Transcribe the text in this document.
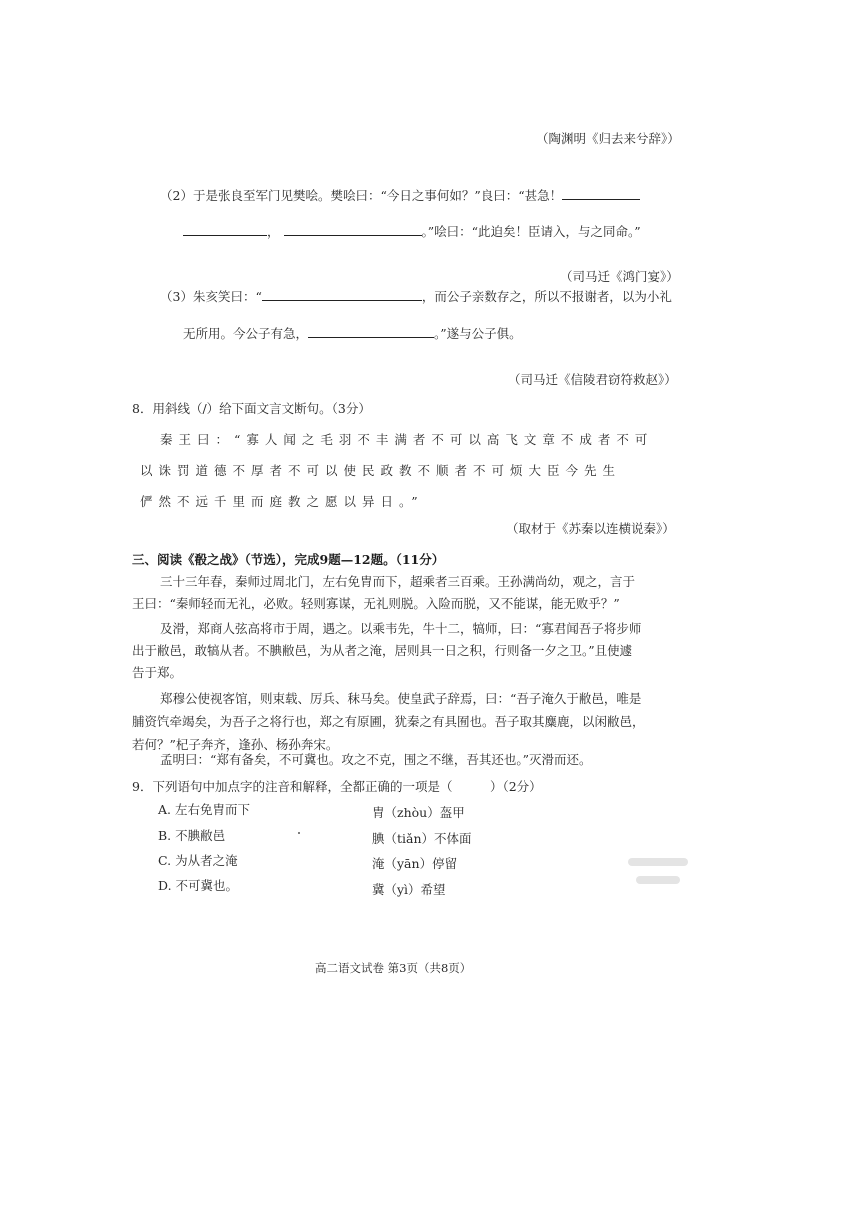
（陶渊明《归去来兮辞》）
（2）于是张良至军门见樊哙。樊哙曰：“今日之事何如？”良曰：“甚急！
，	。”哙曰：“此迫矣！臣请入，与之同命。”
（司马迁《鸿门宴》）
（3）朱亥笑曰：“	，而公子亲数存之，所以不报谢者，以为小礼
无所用。今公子有急，	。”遂与公子俱。
（司马迁《信陵君窃符救赵》）
8．用斜线（/）给下面文言文断句。（3分）
秦王曰：“寡人闻之毛羽不丰满者不可以高飞文章不成者不可
以诛罚道德不厚者不可以使民政教不顺者不可烦大臣今先生
俨然不远千里而庭教之愿以异日。”
（取材于《苏秦以连横说秦》）
三、阅读《殽之战》（节选），完成9题—12题。（11分）
三十三年春，秦师过周北门，左右免胄而下，超乘者三百乘。王孙满尚幼，观之，言于
王曰：“秦师轻而无礼，必败。轻则寡谋，无礼则脱。入险而脱，又不能谋，能无败乎？”
及滑，郑商人弦高将市于周，遇之。以乘韦先，牛十二，犒师，曰：“寡君闻吾子将步师
出于敝邑，敢犒从者。不腆敝邑，为从者之淹，居则具一日之积，行则备一夕之卫。”且使遽
告于郑。
郑穆公使视客馆，则束载、厉兵、秣马矣。使皇武子辞焉，曰：“吾子淹久于敝邑，唯是
脯资饩牵竭矣，为吾子之将行也，郑之有原圃，犹秦之有具囿也。吾子取其麋鹿，以闲敝邑，
若何？”杞子奔齐，逢孙、杨孙奔宋。
孟明曰：“郑有备矣，不可冀也。攻之不克，围之不继，吾其还也。”灭滑而还。
9．下列语句中加点字的注音和解释，全都正确的一项是（　　　）（2分）
A. 左右免胄而下	胄（zhòu）盔甲
B. 不腆敝邑	腆（tiǎn）不体面
C. 为从者之淹	淹（yān）停留
D. 不可冀也。	冀（yì）希望
高二语文试卷 第3页（共8页）
